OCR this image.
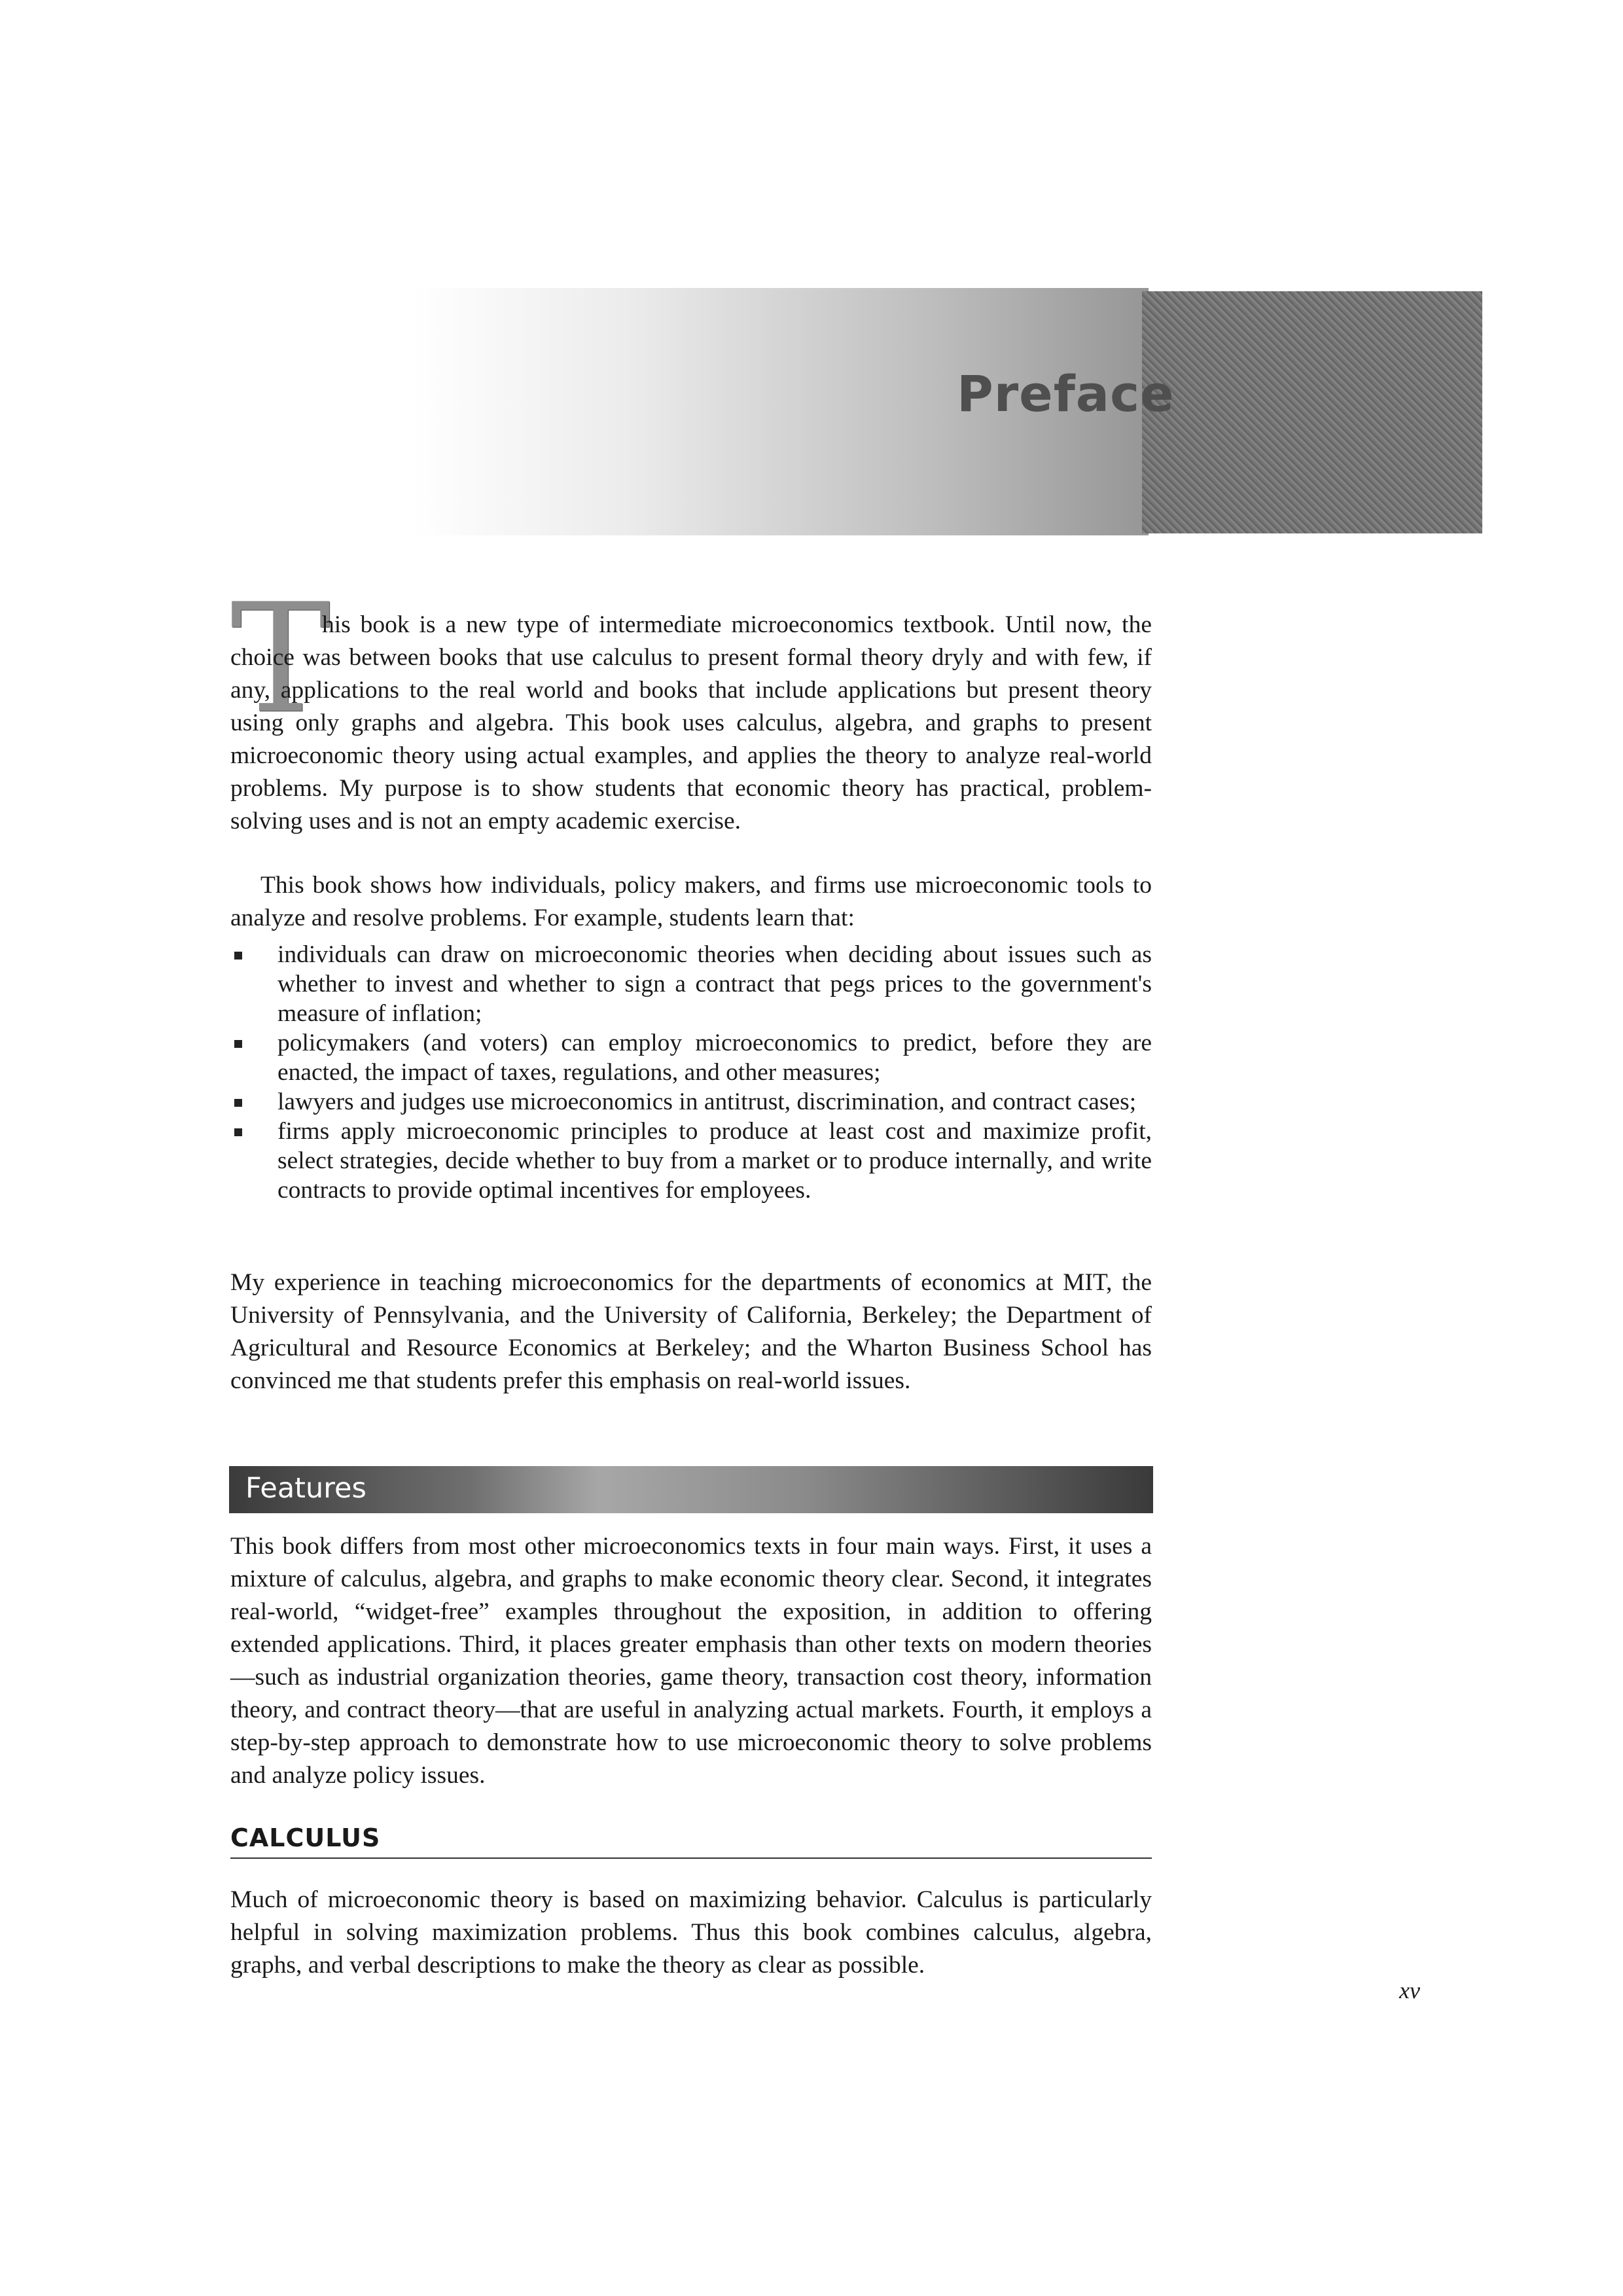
Preface
T
his book is a new type of intermediate microeconomics textbook. Until now, the choice was between books that use calculus to present formal theory dryly and with few, if any, applications to the real world and books that include applications but present theory using only graphs and algebra. This book uses calculus, algebra, and graphs to present microeconomic theory using actual examples, and applies the theory to analyze real-world problems. My purpose is to show students that economic theory has practical, problem-solving uses and is not an empty academic exercise.
This book shows how individuals, policy makers, and firms use microeconomic tools to analyze and resolve problems. For example, students learn that:
individuals can draw on microeconomic theories when deciding about issues such as whether to invest and whether to sign a contract that pegs prices to the government's measure of inflation;
policymakers (and voters) can employ microeconomics to predict, before they are enacted, the impact of taxes, regulations, and other measures;
lawyers and judges use microeconomics in antitrust, discrimination, and contract cases;
firms apply microeconomic principles to produce at least cost and maximize profit, select strategies, decide whether to buy from a market or to produce internally, and write contracts to provide optimal incentives for employees.
My experience in teaching microeconomics for the departments of economics at MIT, the University of Pennsylvania, and the University of California, Berkeley; the Department of Agricultural and Resource Economics at Berkeley; and the Wharton Business School has convinced me that students prefer this emphasis on real-world issues.
Features
This book differs from most other microeconomics texts in four main ways. First, it uses a mixture of calculus, algebra, and graphs to make economic theory clear. Second, it integrates real-world, “widget-free” examples throughout the exposition, in addition to offering extended applications. Third, it places greater emphasis than other texts on modern theories—such as industrial organization theories, game theory, transaction cost theory, information theory, and contract theory—that are useful in analyzing actual markets. Fourth, it employs a step-by-step approach to demonstrate how to use microeconomic theory to solve problems and analyze policy issues.
CALCULUS
Much of microeconomic theory is based on maximizing behavior. Calculus is particularly helpful in solving maximization problems. Thus this book combines calculus, algebra, graphs, and verbal descriptions to make the theory as clear as possible.
xv
